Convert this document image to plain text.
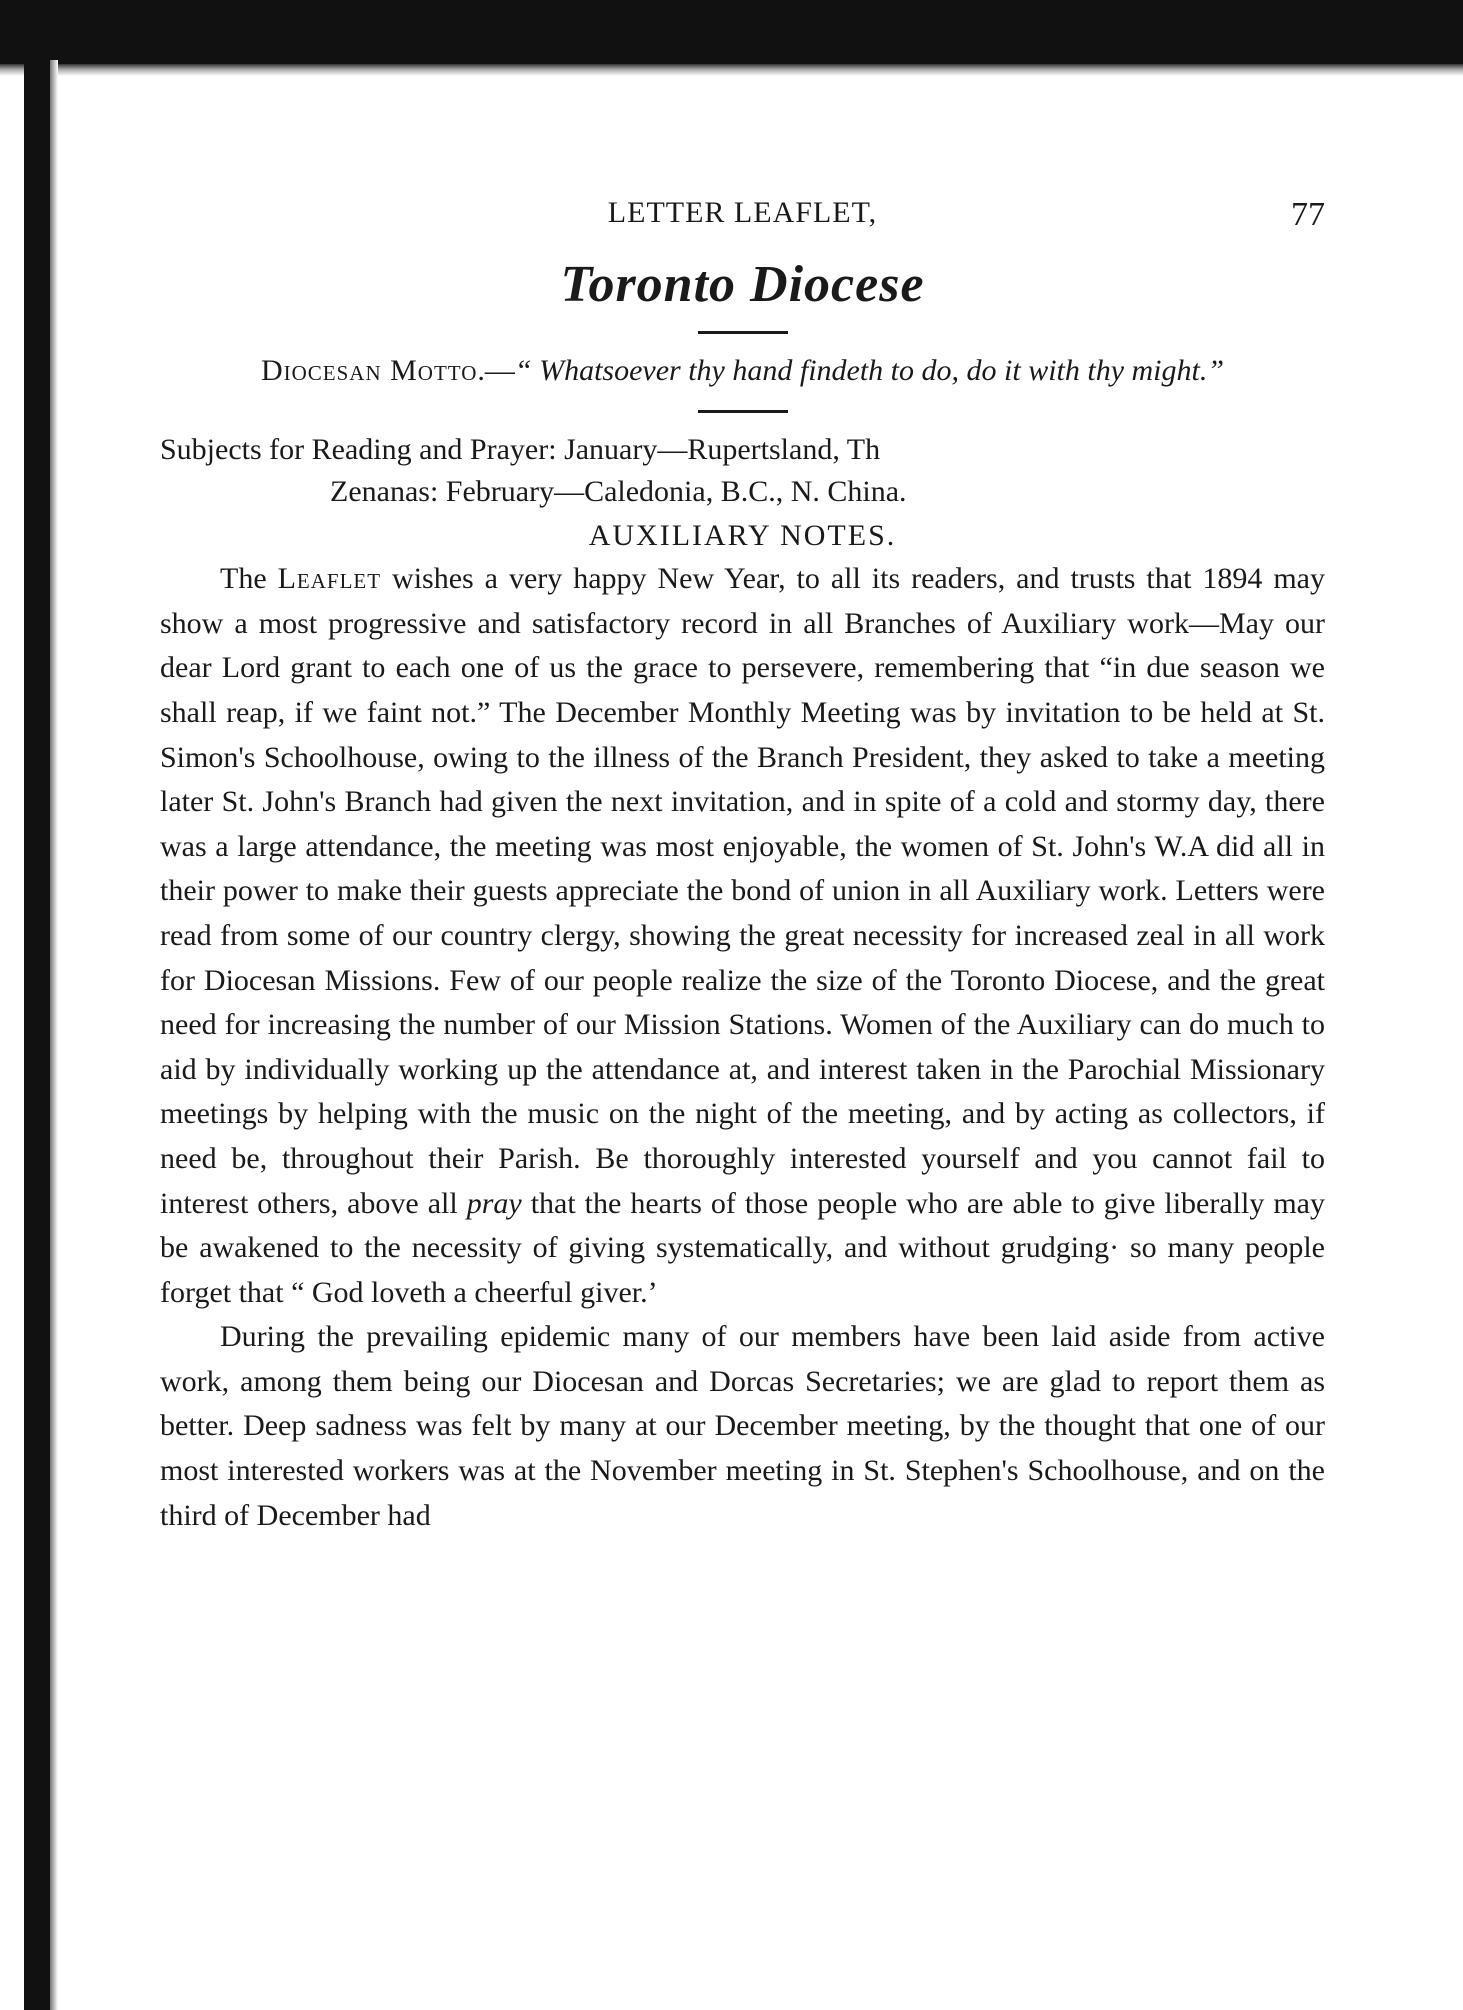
LETTER LEAFLET,	77
Toronto Diocese
Diocesan Motto.—“ Whatsoever thy hand findeth to do, do it with thy might.”
Subjects for Reading and Prayer: January—Rupertsland, Th
Zenanas: February—Caledonia, B.C., N. China.
AUXILIARY NOTES.

The Leaflet wishes a very happy New Year, to all its readers, and trusts that 1894 may show a most progressive and satisfactory record in all Branches of Auxiliary work—May our dear Lord grant to each one of us the grace to persevere, remembering that “in due season we shall reap, if we faint not.” The December Monthly Meeting was by invitation to be held at St. Simon's Schoolhouse, owing to the illness of the Branch President, they asked to take a meeting later St. John's Branch had given the next invitation, and in spite of a cold and stormy day, there was a large attendance, the meeting was most enjoyable, the women of St. John's W.A did all in their power to make their guests appreciate the bond of union in all Auxiliary work. Letters were read from some of our country clergy, showing the great necessity for increased zeal in all work for Diocesan Missions. Few of our people realize the size of the Toronto Diocese, and the great need for increasing the number of our Mission Stations. Women of the Auxiliary can do much to aid by individually working up the attendance at, and interest taken in the Parochial Missionary meetings by helping with the music on the night of the meeting, and by acting as collectors, if need be, throughout their Parish. Be thoroughly interested yourself and you cannot fail to interest others, above all pray that the hearts of those people who are able to give liberally may be awakened to the necessity of giving systematically, and without grudging· so many people forget that “ God loveth a cheerful giver.’

During the prevailing epidemic many of our members have been laid aside from active work, among them being our Diocesan and Dorcas Secretaries; we are glad to report them as better. Deep sadness was felt by many at our December meeting, by the thought that one of our most interested workers was at the November meeting in St. Stephen's Schoolhouse, and on the third of December had
